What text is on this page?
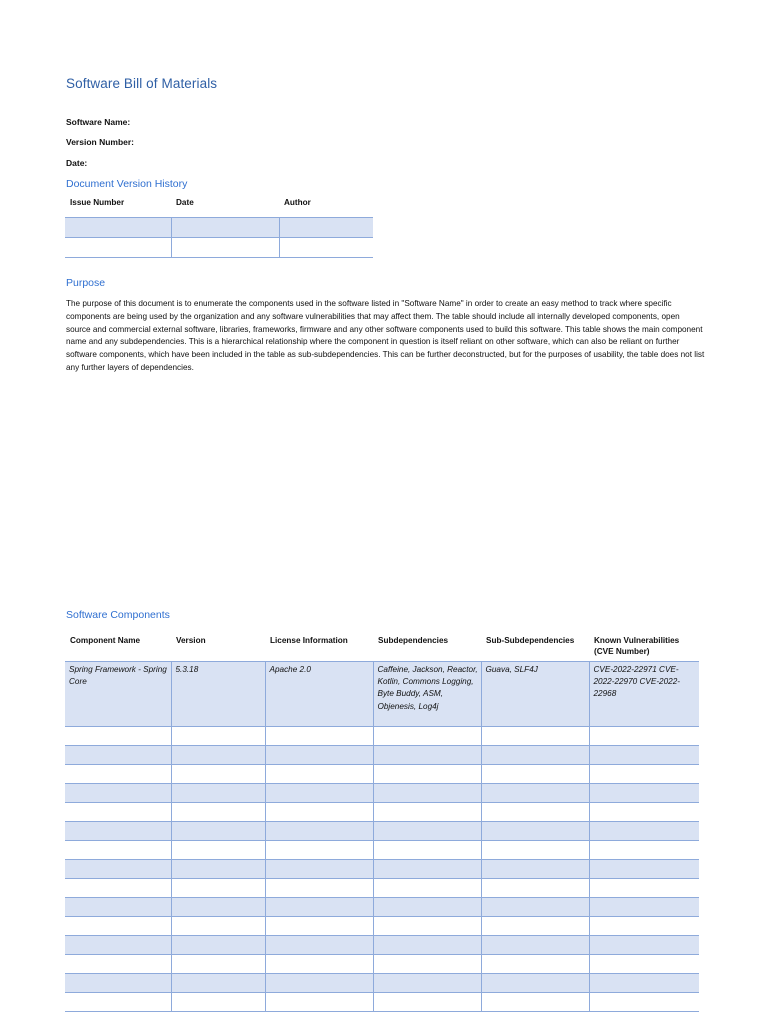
Software Bill of Materials
Software Name:
Version Number:
Date:
Document Version History
Issue Number	Date	Author

Purpose
The purpose of this document is to enumerate the components used in the software listed in "Software Name" in order to create an easy method to track where specific components are being used by the organization and any software vulnerabilities that may affect them. The table should include all internally developed components, open source and commercial external software, libraries, frameworks, firmware and any other software components used to build this software. This table shows the main component name and any subdependencies. This is a hierarchical relationship where the component in question is itself reliant on other software, which can also be reliant on further software components, which have been included in the table as sub-subdependencies. This can be further deconstructed, but for the purposes of usability, the table does not list any further layers of dependencies.
Software Components
Component Name	Version	License Information	Subdependencies	Sub-Subdependencies	Known Vulnerabilities (CVE Number)
Spring Framework - Spring Core	5.3.18	Apache 2.0	Caffeine, Jackson, Reactor, Kotlin, Commons Logging, Byte Buddy, ASM, Objenesis, Log4j	Guava, SLF4J	CVE-2022-22971 CVE-2022-22970 CVE-2022-22968
